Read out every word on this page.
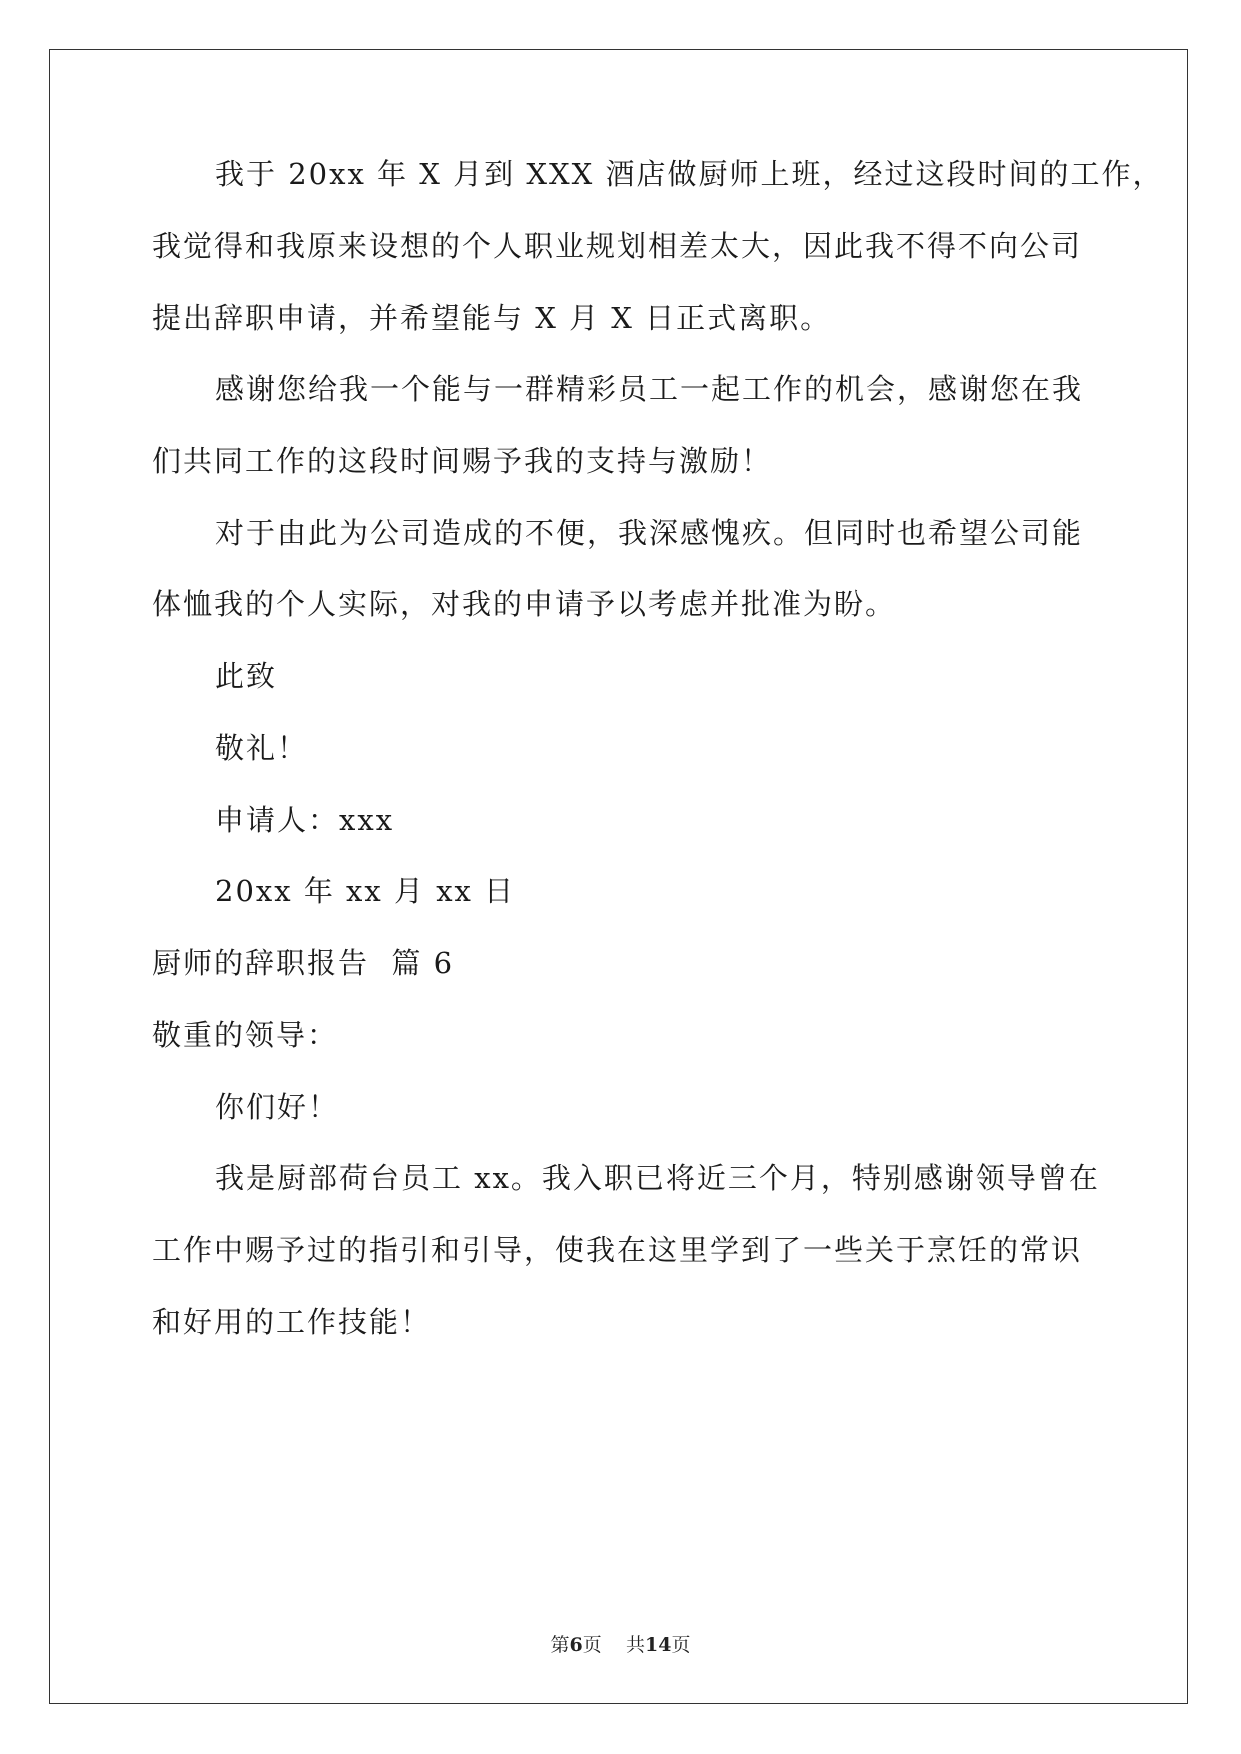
我于 20xx 年 X 月到 XXX 酒店做厨师上班，经过这段时间的工作，
我觉得和我原来设想的个人职业规划相差太大，因此我不得不向公司
提出辞职申请，并希望能与 X 月 X 日正式离职。
感谢您给我一个能与一群精彩员工一起工作的机会，感谢您在我
们共同工作的这段时间赐予我的支持与激励！
对于由此为公司造成的不便，我深感愧疚。但同时也希望公司能
体恤我的个人实际，对我的申请予以考虑并批准为盼。
此致
敬礼！
申请人：xxx
20xx 年 xx 月 xx 日
厨师的辞职报告  篇 6
敬重的领导：
你们好！
我是厨部荷台员工 xx。我入职已将近三个月，特别感谢领导曾在
工作中赐予过的指引和引导，使我在这里学到了一些关于烹饪的常识
和好用的工作技能！
第6页 共14页
